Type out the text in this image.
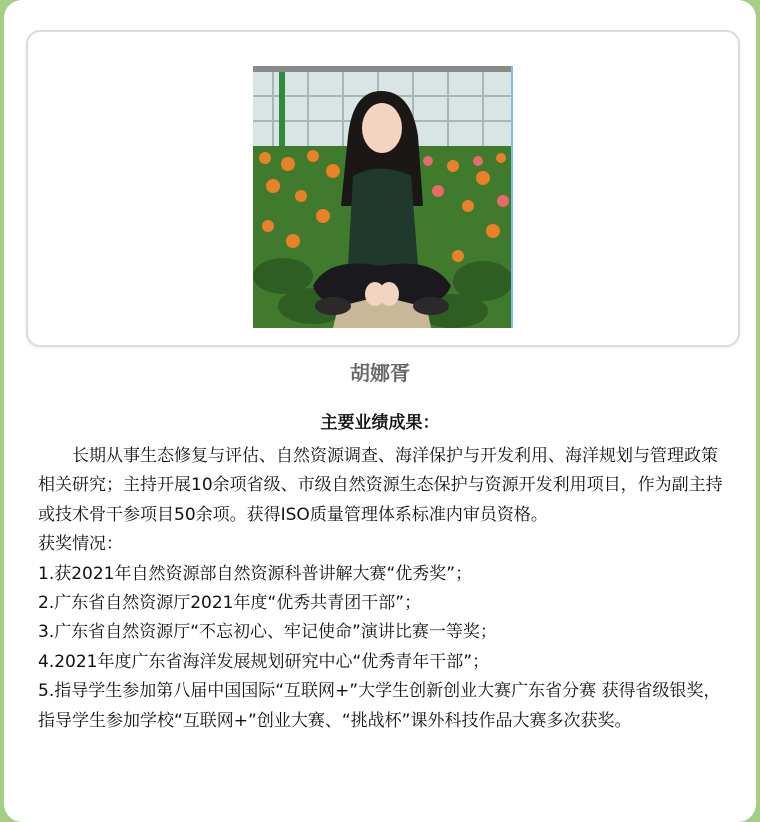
胡娜胥
主要业绩成果：

长期从事生态修复与评估、自然资源调查、海洋保护与开发利用、海洋规划与管理政策相关研究；主持开展10余项省级、市级自然资源生态保护与资源开发利用项目，作为副主持或技术骨干参项目50余项。获得ISO质量管理体系标准内审员资格。

获奖情况：

1.获2021年自然资源部自然资源科普讲解大赛“优秀奖”；

2.广东省自然资源厅2021年度“优秀共青团干部”；

3.广东省自然资源厅“不忘初心、牢记使命”演讲比赛一等奖；

4.2021年度广东省海洋发展规划研究中心“优秀青年干部”；

5.指导学生参加第八届中国国际“互联网+”大学生创新创业大赛广东省分赛 获得省级银奖，指导学生参加学校“互联网+”创业大赛、“挑战杯”课外科技作品大赛多次获奖。
